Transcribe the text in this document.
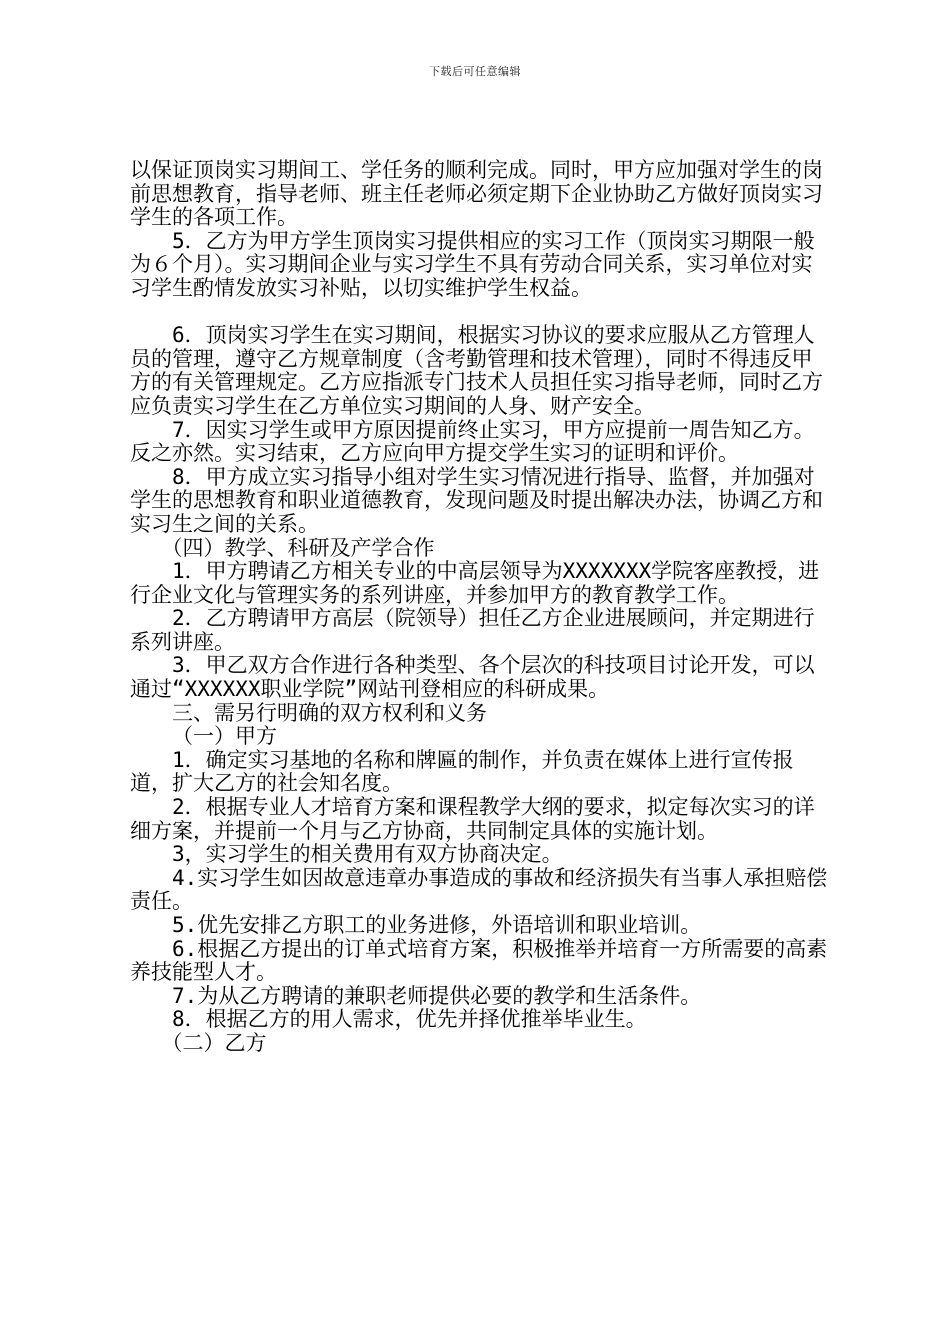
下载后可任意编辑

以保证顶岗实习期间工、学任务的顺利完成。同时，甲方应加强对学生的岗前思想教育，指导老师、班主任老师必须定期下企业协助乙方做好顶岗实习学生的各项工作。

5．乙方为甲方学生顶岗实习提供相应的实习工作（顶岗实习期限一般为６个月）。实习期间企业与实习学生不具有劳动合同关系，实习单位对实习学生酌情发放实习补贴，以切实维护学生权益。

6．顶岗实习学生在实习期间，根据实习协议的要求应服从乙方管理人员的管理，遵守乙方规章制度（含考勤管理和技术管理），同时不得违反甲方的有关管理规定。乙方应指派专门技术人员担任实习指导老师，同时乙方应负责实习学生在乙方单位实习期间的人身、财产安全。

7．因实习学生或甲方原因提前终止实习，甲方应提前一周告知乙方。反之亦然。实习结束，乙方应向甲方提交学生实习的证明和评价。

8．甲方成立实习指导小组对学生实习情况进行指导、监督，并加强对学生的思想教育和职业道德教育，发现问题及时提出解决办法，协调乙方和实习生之间的关系。

（四）教学、科研及产学合作

1．甲方聘请乙方相关专业的中高层领导为XXXXXXX学院客座教授，进行企业文化与管理实务的系列讲座，并参加甲方的教育教学工作。

2．乙方聘请甲方高层（院领导）担任乙方企业进展顾问，并定期进行系列讲座。

3．甲乙双方合作进行各种类型、各个层次的科技项目讨论开发，可以通过“XXXXXX职业学院”网站刊登相应的科研成果。

三、需另行明确的双方权利和义务

（一）甲方

1．确定实习基地的名称和牌匾的制作，并负责在媒体上进行宣传报道，扩大乙方的社会知名度。

2．根据专业人才培育方案和课程教学大纲的要求，拟定每次实习的详细方案，并提前一个月与乙方协商，共同制定具体的实施计划。

3，实习学生的相关费用有双方协商决定。

4.实习学生如因故意违章办事造成的事故和经济损失有当事人承担赔偿责任。

5.优先安排乙方职工的业务进修，外语培训和职业培训。

6.根据乙方提出的订单式培育方案，积极推举并培育一方所需要的高素养技能型人才。

7.为从乙方聘请的兼职老师提供必要的教学和生活条件。

8．根据乙方的用人需求，优先并择优推举毕业生。

（二）乙方
